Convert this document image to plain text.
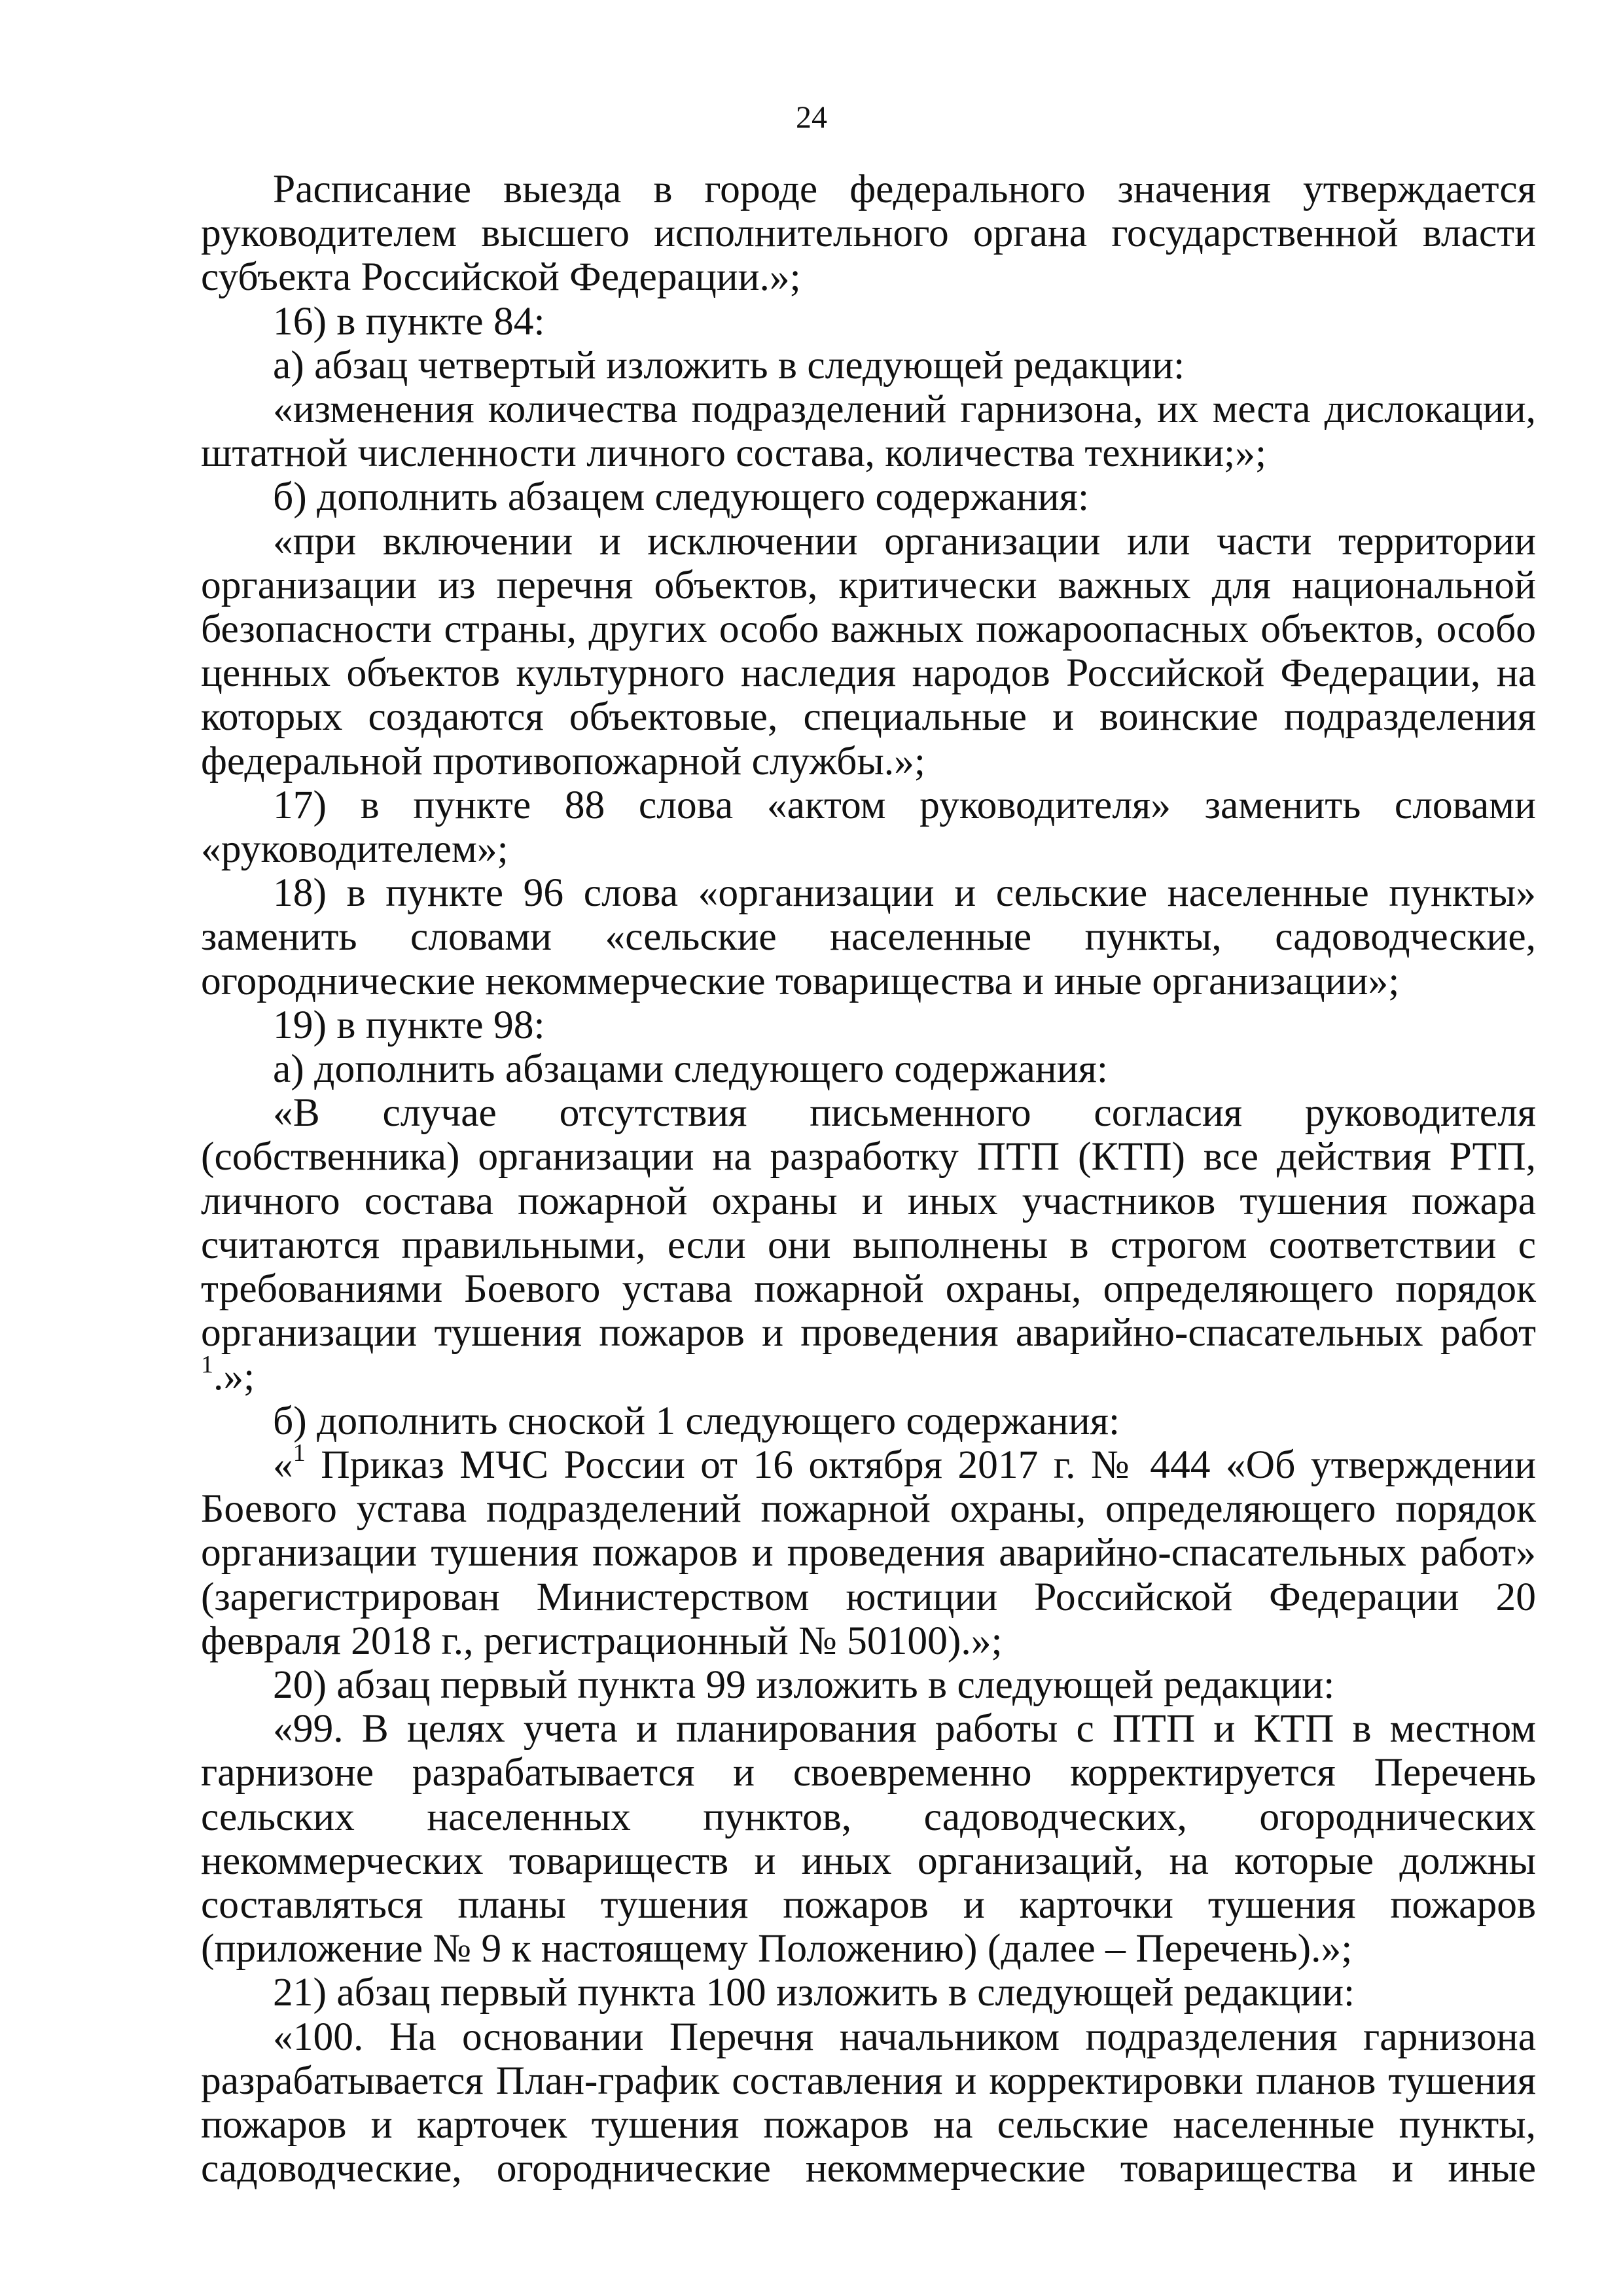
24

Расписание выезда в городе федерального значения утверждается руководителем высшего исполнительного органа государственной власти субъекта Российской Федерации.»;

16) в пункте 84:

а) абзац четвертый изложить в следующей редакции:

«изменения количества подразделений гарнизона, их места дислокации, штатной численности личного состава, количества техники;»;

б) дополнить абзацем следующего содержания:

«при включении и исключении организации или части территории организации из перечня объектов, критически важных для национальной безопасности страны, других особо важных пожароопасных объектов, особо ценных объектов культурного наследия народов Российской Федерации, на которых создаются объектовые, специальные и воинские подразделения федеральной противопожарной службы.»;

17) в пункте 88 слова «актом руководителя» заменить словами «руководителем»;

18) в пункте 96 слова «организации и сельские населенные пункты» заменить словами «сельские населенные пункты, садоводческие, огороднические некоммерческие товарищества и иные организации»;

19) в пункте 98:

а) дополнить абзацами следующего содержания:

«В случае отсутствия письменного согласия руководителя (собственника) организации на разработку ПТП (КТП) все действия РТП, личного состава пожарной охраны и иных участников тушения пожара считаются правильными, если они выполнены в строгом соответствии с требованиями Боевого устава пожарной охраны, определяющего порядок организации тушения пожаров и проведения аварийно-спасательных работ $^1$.»;

б) дополнить сноской 1 следующего содержания:

«$^1$ Приказ МЧС России от 16 октября 2017 г. № 444 «Об утверждении Боевого устава подразделений пожарной охраны, определяющего порядок организации тушения пожаров и проведения аварийно-спасательных работ» (зарегистрирован Министерством юстиции Российской Федерации 20 февраля 2018 г., регистрационный № 50100).»;

20) абзац первый пункта 99 изложить в следующей редакции:

«99. В целях учета и планирования работы с ПТП и КТП в местном гарнизоне разрабатывается и своевременно корректируется Перечень сельских населенных пунктов, садоводческих, огороднических некоммерческих товариществ и иных организаций, на которые должны составляться планы тушения пожаров и карточки тушения пожаров (приложение № 9 к настоящему Положению) (далее – Перечень).»;

21) абзац первый пункта 100 изложить в следующей редакции:

«100. На основании Перечня начальником подразделения гарнизона разрабатывается План-график составления и корректировки планов тушения пожаров и карточек тушения пожаров на сельские населенные пункты, садоводческие, огороднические некоммерческие товарищества и иные
